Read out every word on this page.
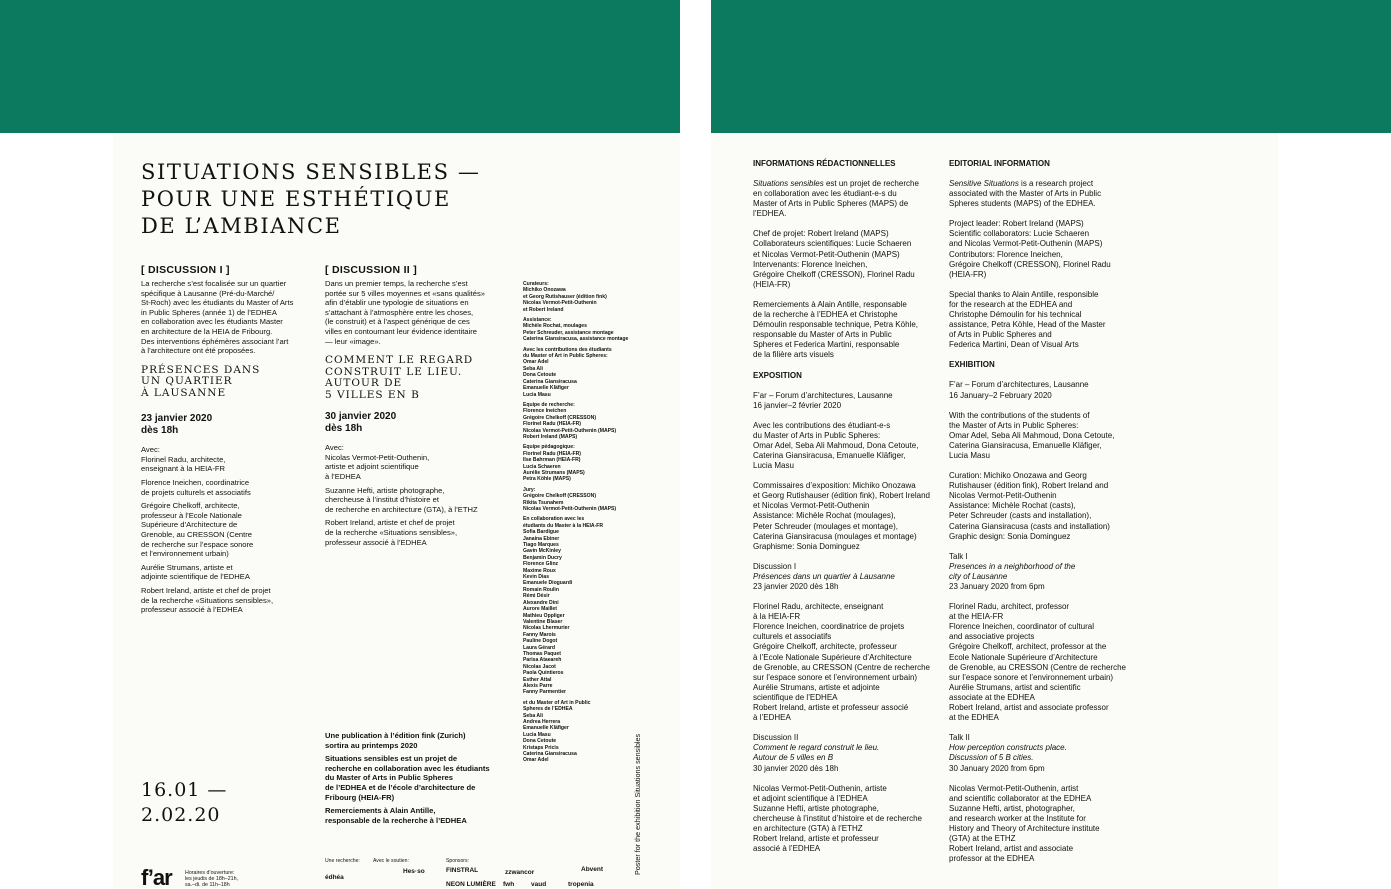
SITUATIONS SENSIBLES —
POUR UNE ESTHÉTIQUE
DE L’AMBIANCE
[ DISCUSSION I ]
La recherche s’est focalisée sur un quartier
spécifique à Lausanne (Pré-du-Marché/
St-Roch) avec les étudiants du Master of Arts
in Public Spheres (année 1) de l’EDHEA
en collaboration avec les étudiants Master
en architecture de la HEIA de Fribourg.
Des interventions éphémères associant l’art
à l’architecture ont été proposées.
PRÉSENCES DANS
UN QUARTIER
À LAUSANNE
23 janvier 2020
dès 18h
Avec:
Florinel Radu, architecte,
enseignant à la HEIA-FR
Florence Ineichen, coordinatrice
de projets culturels et associatifs
Grégoire Chelkoff, architecte,
professeur à l’Ecole Nationale
Supérieure d’Architecture de
Grenoble, au CRESSON (Centre
de recherche sur l’espace sonore
et l’environnement urbain)
Aurélie Strumans, artiste et
adjointe scientifique de l’EDHEA
Robert Ireland, artiste et chef de projet
de la recherche «Situations sensibles»,
professeur associé à l’EDHEA
[ DISCUSSION II ]
Dans un premier temps, la recherche s’est
portée sur 5 villes moyennes et «sans qualités»
afin d’établir une typologie de situations en
s’attachant à l’atmosphère entre les choses,
(le construit) et à l’aspect générique de ces
villes en contournant leur évidence identitaire
— leur «image».
COMMENT LE REGARD
CONSTRUIT LE LIEU.
AUTOUR DE
5 VILLES EN B
30 janvier 2020
dès 18h
Avec:
Nicolas Vermot-Petit-Outhenin,
artiste et adjoint scientifique
à l’EDHEA
Suzanne Hefti, artiste photographe,
chercheuse à l’institut d’histoire et
de recherche en architecture (GTA), à l’ETHZ
Robert Ireland, artiste et chef de projet
de la recherche «Situations sensibles»,
professeur associé à l’EDHEA
Une publication à l’édition fink (Zurich)
sortira au printemps 2020
Situations sensibles est un projet de
recherche en collaboration avec les étudiants
du Master of Arts in Public Spheres
de l’EDHEA et de l’école d’architecture de
Fribourg (HEIA-FR)
Remerciements à Alain Antille,
responsable de la recherche à l’EDHEA
Curateurs:
Michiko Onozawa
et Georg Rutishauser (édition fink)
Nicolas Vermot-Petit-Outhenin
et Robert Ireland
Assistance:
Michèle Rochat, moulages
Peter Schreuder, assistance montage
Caterina Giansiracusa, assistance montage
Avec les contributions des étudiants
du Master of Art in Public Spheres:
Omar Adel
Seba Ali
Dona Cetoute
Caterina Giansiracusa
Emanuelle Kläfiger
Lucia Masu
Equipe de recherche:
Florence Ineichen
Grégoire Chelkoff (CRESSON)
Florinel Radu (HEIA-FR)
Nicolas Vermot-Petit-Outhenin (MAPS)
Robert Ireland (MAPS)
Equipe pédagogique:
Florinel Radu (HEIA-FR)
Ilse Bahrman (HEIA-FR)
Lucia Schaeren
Aurélie Strumans (MAPS)
Petra Köhle (MAPS)
Jury:
Grégoire Chelkoff (CRESSON)
Rikita Tsunahem
Nicolas Vermot-Petit-Outhenin (MAPS)
En collaboration avec les
étudiants du Master à la HEIA-FR
Sofia Bardigue
Janaina Ebiner
Tiago Marques
Gavin McKinley
Benjamin Ducry
Florence Glinz
Maxime Roux
Kevin Dias
Emanuele Dioguardi
Romain Roulin
Rémi Désir
Alexandre Dini
Aurore Maillet
Mathieu Oppliger
Valentine Blaser
Nicolas Lhermurier
Fanny Marois
Pauline Dogot
Laura Gérard
Thomas Paquet
Parisa Ataeareh
Nicolas Jacot
Paola Quintieros
Esther Attal
Alexis Parre
Fanny Parmentier
et du Master of Art in Public
Spheres de l’EDHEA
Seba Ali
Andrea Herrera
Emanuelle Kläfiger
Lucia Masu
Dona Cetoute
Kristaps Pricis
Caterina Giansiracusa
Omar Adel	Poster for the exhibition Situations sensibles
16.01 —
2.02.20
f’ar	Horaires d’ouverture:
les jeudis de 18h–21h,
sa.–di. de 11h–18h
Une recherche:	Avec le soutien:	Sponsors:
édhéa
Hes·so	FINSTRAL	zzwancor	Abvent
NEON LUMIÈRE fwh	vaud	tropenia
INFORMATIONS RÉDACTIONNELLES
Situations sensibles est un projet de recherche
en collaboration avec les étudiant-e-s du
Master of Arts in Public Spheres (MAPS) de l’EDHEA.
Chef de projet: Robert Ireland (MAPS)
Collaborateurs scientifiques: Lucie Schaeren
et Nicolas Vermot-Petit-Outhenin (MAPS)
Intervenants: Florence Ineichen,
Grégoire Chelkoff (CRESSON), Florinel Radu
(HEIA-FR)
Remerciements à Alain Antille, responsable
de la recherche à l’EDHEA et Christophe
Démoulin responsable technique, Petra Köhle,
responsable du Master of Arts in Public
Spheres et Federica Martini, responsable
de la filière arts visuels
EXPOSITION
F’ar – Forum d’architectures, Lausanne
16 janvier–2 février 2020
Avec les contributions des étudiant-e-s
du Master of Arts in Public Spheres:
Omar Adel, Seba Ali Mahmoud, Dona Cetoute,
Caterina Giansiracusa, Emanuelle Kläfiger,
Lucia Masu
Commissaires d’exposition: Michiko Onozawa
et Georg Rutishauser (édition fink), Robert Ireland
et Nicolas Vermot-Petit-Outhenin
Assistance: Michèle Rochat (moulages),
Peter Schreuder (moulages et montage),
Caterina Giansiracusa (moulages et montage)
Graphisme: Sonia Dominguez
Discussion I
Présences dans un quartier à Lausanne
23 janvier 2020 dès 18h
Florinel Radu, architecte, enseignant
à la HEIA-FR
Florence Ineichen, coordinatrice de projets
culturels et associatifs
Grégoire Chelkoff, architecte, professeur
à l’Ecole Nationale Supérieure d’Architecture
de Grenoble, au CRESSON (Centre de recherche
sur l’espace sonore et l’environnement urbain)
Aurélie Strumans, artiste et adjointe
scientifique de l’EDHEA
Robert Ireland, artiste et professeur associé
à l’EDHEA
Discussion II
Comment le regard construit le lieu.
Autour de 5 villes en B
30 janvier 2020 dès 18h
Nicolas Vermot-Petit-Outhenin, artiste
et adjoint scientifique à l’EDHEA
Suzanne Hefti, artiste photographe,
chercheuse à l’institut d’histoire et de recherche
en architecture (GTA) à l’ETHZ
Robert Ireland, artiste et professeur
associé à l’EDHEA
EDITORIAL INFORMATION
Sensitive Situations is a research project
associated with the Master of Arts in Public
Spheres students (MAPS) of the EDHEA.
Project leader: Robert Ireland (MAPS)
Scientific collaborators: Lucie Schaeren
and Nicolas Vermot-Petit-Outhenin (MAPS)
Contributors: Florence Ineichen,
Grégoire Chelkoff (CRESSON), Florinel Radu
(HEIA-FR)
Special thanks to Alain Antille, responsible
for the research at the EDHEA and
Christophe Démoulin for his technical
assistance, Petra Köhle, Head of the Master
of Arts in Public Spheres and
Federica Martini, Dean of Visual Arts
EXHIBITION
F’ar – Forum d’architectures, Lausanne
16 January–2 February 2020
With the contributions of the students of
the Master of Arts in Public Spheres:
Omar Adel, Seba Ali Mahmoud, Dona Cetoute,
Caterina Giansiracusa, Emanuelle Kläfiger,
Lucia Masu
Curation: Michiko Onozawa and Georg
Rutishauser (édition fink), Robert Ireland and
Nicolas Vermot-Petit-Outhenin
Assistance: Michèle Rochat (casts),
Peter Schreuder (casts and installation),
Caterina Giansiracusa (casts and installation)
Graphic design: Sonia Dominguez
Talk I
Presences in a neighborhood of the
city of Lausanne
23 January 2020 from 6pm
Florinel Radu, architect, professor
at the HEIA-FR
Florence Ineichen, coordinator of cultural
and associative projects
Grégoire Chelkoff, architect, professor at the
Ecole Nationale Supérieure d’Architecture
de Grenoble, au CRESSON (Centre de recherche
sur l’espace sonore et l’environnement urbain)
Aurélie Strumans, artist and scientific
associate at the EDHEA
Robert Ireland, artist and associate professor
at the EDHEA
Talk II
How perception constructs place.
Discussion of 5 B cities.
30 January 2020 from 6pm
Nicolas Vermot-Petit-Outhenin, artist
and scientific collaborator at the EDHEA
Suzanne Hefti, artist, photographer,
and research worker at the Institute for
History and Theory of Architecture institute
(GTA) at the ETHZ
Robert Ireland, artist and associate
professor at the EDHEA
